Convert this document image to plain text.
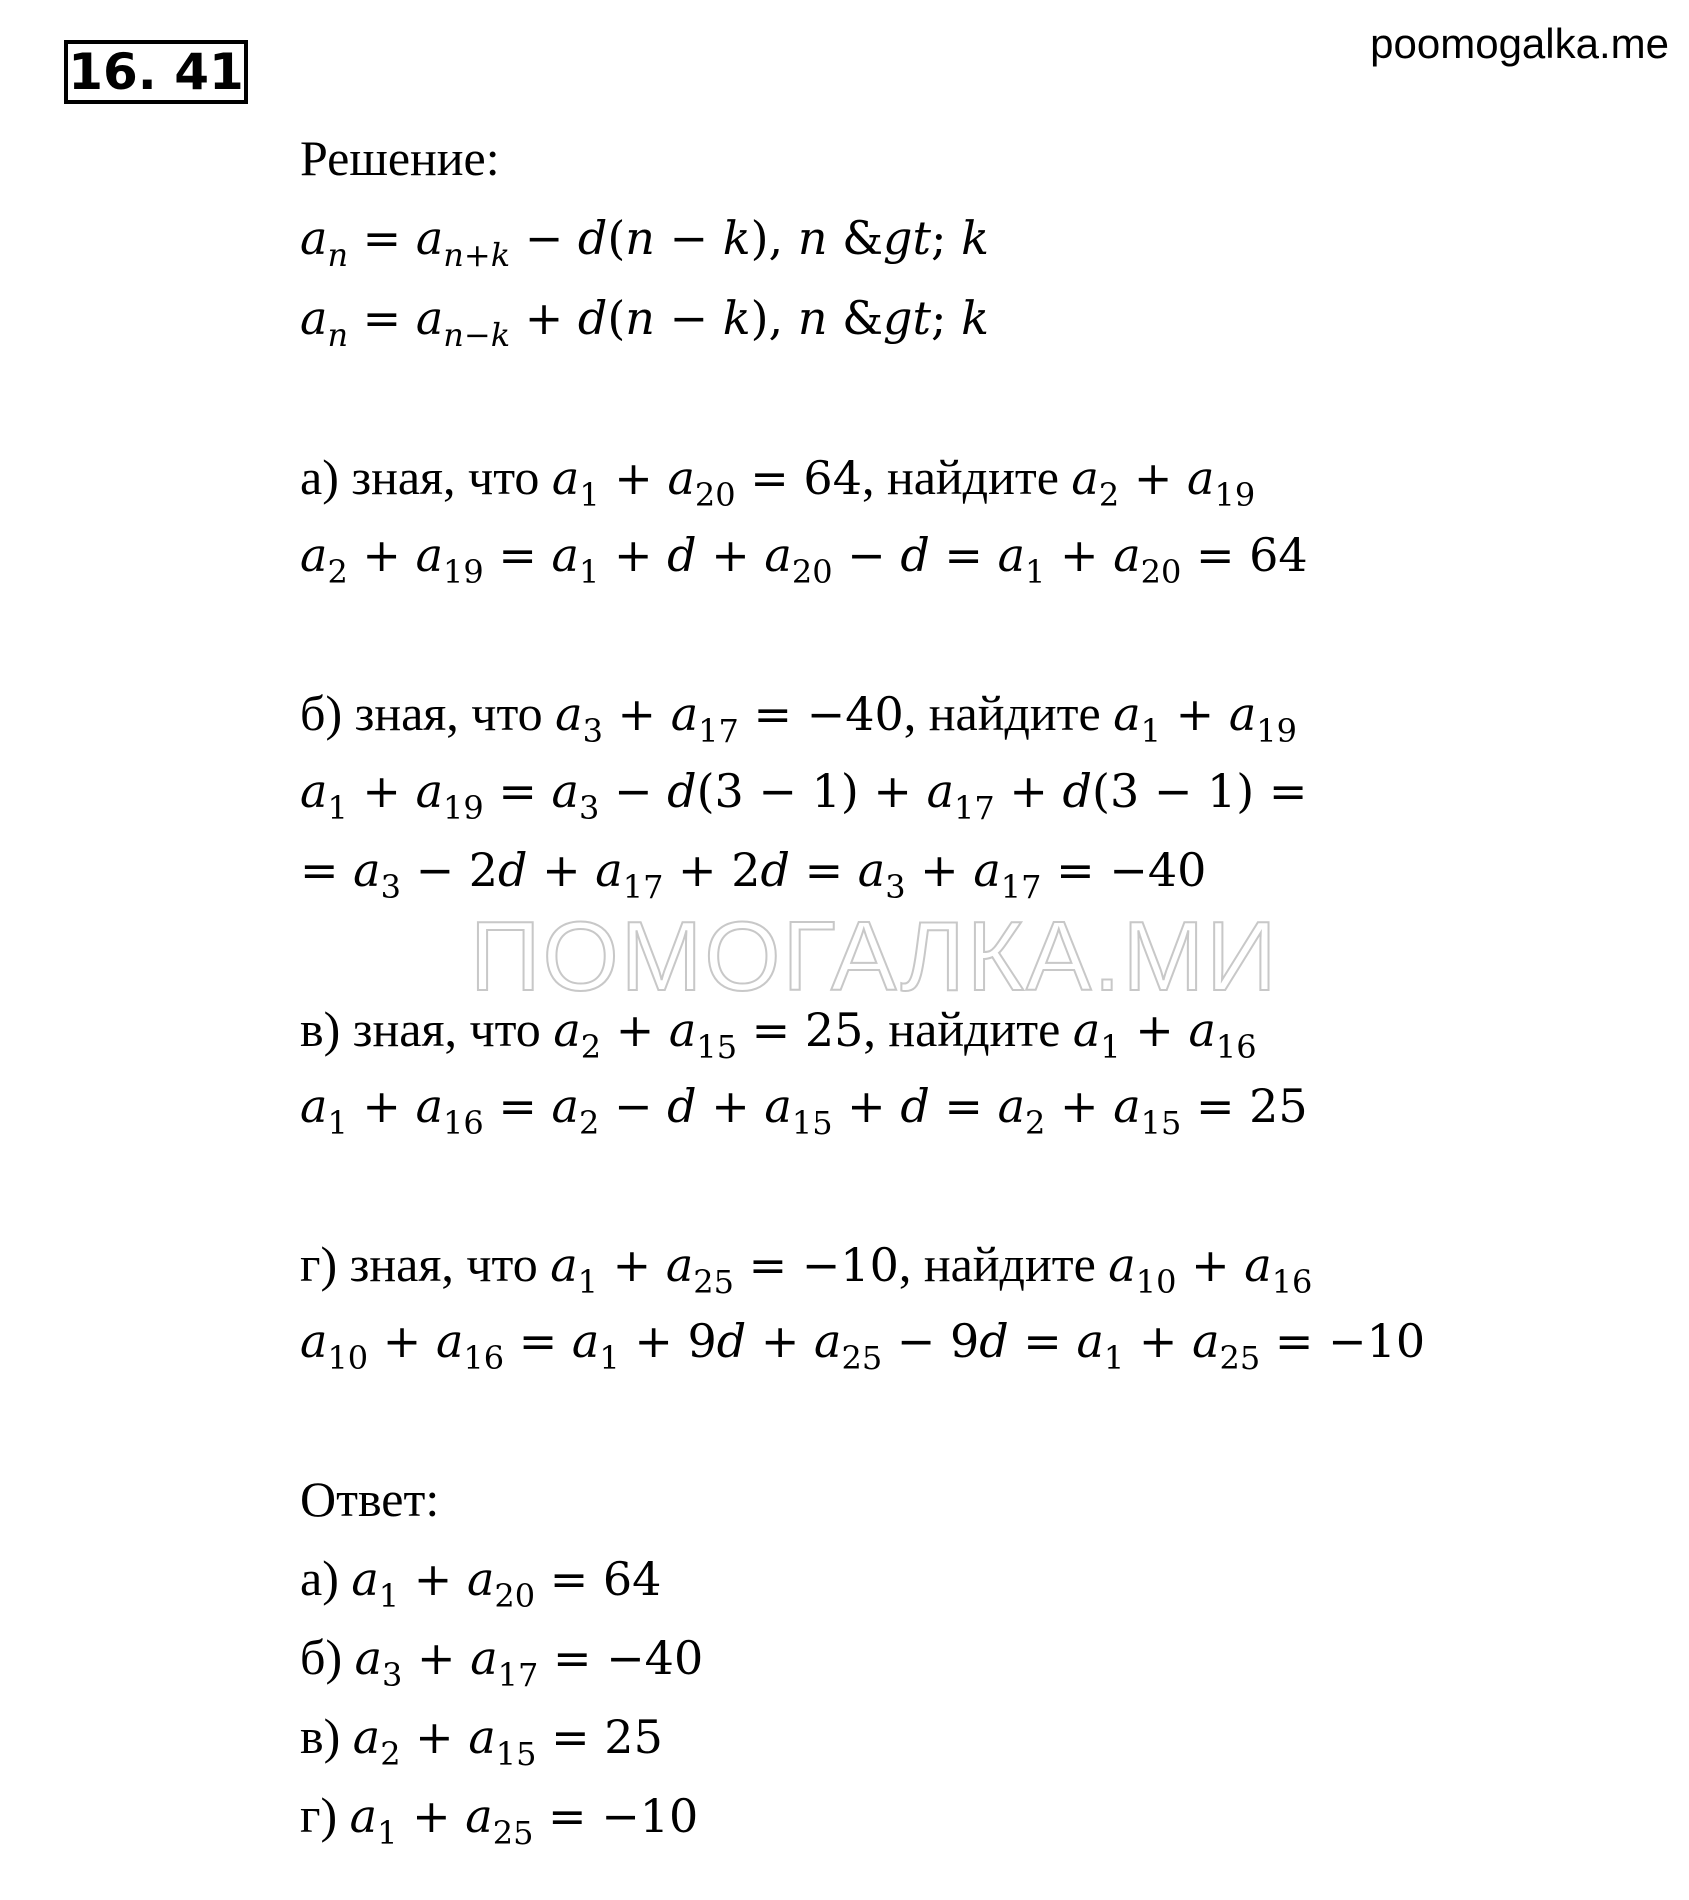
16. 41	poomogalka.me
ПОМОГАЛКА.МИ
Решение:
$a_n = a_{n+k} - d(n - k)$, n &gt; k
$a_n = a_{n-k} + d(n - k)$, n &gt; k
а) зная, что $a_1 + a_{20} = 64$, найдите $a_2 + a_{19}$
$a_2 + a_{19} = a_1 + d + a_{20} - d = a_1 + a_{20} = 64$
б) зная, что $a_3 + a_{17} = -40$, найдите $a_1 + a_{19}$
$a_1 + a_{19} = a_3 - d(3 - 1) + a_{17} + d(3 - 1)$ =
= $a_3 - 2d + a_{17} + 2d = a_3 + a_{17} = -40$
в) зная, что $a_2 + a_{15} = 25$, найдите $a_1 + a_{16}$
$a_1 + a_{16} = a_2 - d + a_{15} + d = a_2 + a_{15} = 25$
г) зная, что $a_1 + a_{25} = -10$, найдите $a_{10} + a_{16}$
$a_{10} + a_{16} = a_1 + 9d + a_{25} - 9d = a_1 + a_{25} = -10$
Ответ:
а) $a_1 + a_{20} = 64$
б) $a_3 + a_{17} = -40$
в) $a_2 + a_{15} = 25$
г) $a_1 + a_{25} = -10$
